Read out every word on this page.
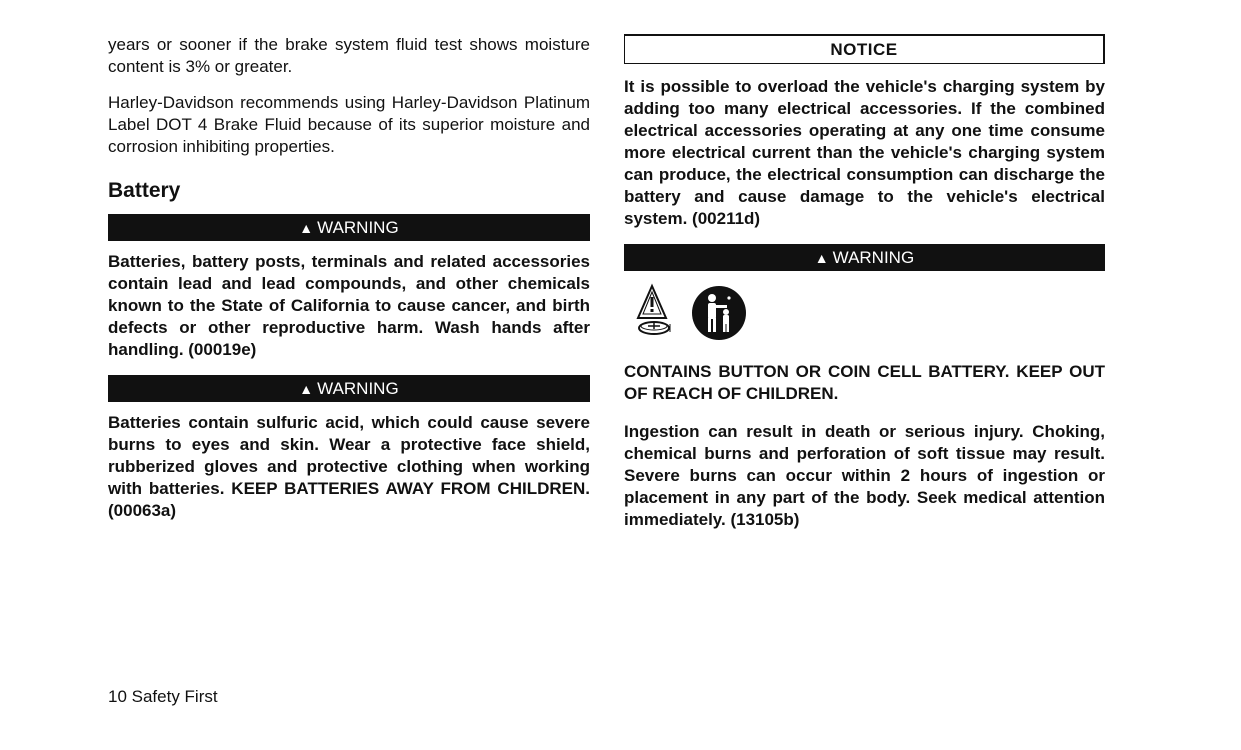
years or sooner if the brake system fluid test shows moisture content is 3% or greater.

Harley-Davidson recommends using Harley-Davidson Platinum Label DOT 4 Brake Fluid because of its superior moisture and corrosion inhibiting properties.

Battery
▲ WARNING

Batteries, battery posts, terminals and related accessories contain lead and lead compounds, and other chemicals known to the State of California to cause cancer, and birth defects or other reproductive harm. Wash hands after handling. (00019e)

▲ WARNING

Batteries contain sulfuric acid, which could cause severe burns to eyes and skin. Wear a protective face shield, rubberized gloves and protective clothing when working with batteries. KEEP BATTERIES AWAY FROM CHILDREN. (00063a)

NOTICE

It is possible to overload the vehicle's charging system by adding too many electrical accessories. If the combined electrical accessories operating at any one time consume more electrical current than the vehicle's charging system can produce, the electrical consumption can discharge the battery and cause damage to the vehicle's electrical system. (00211d)

▲ WARNING

CONTAINS BUTTON OR COIN CELL BATTERY. KEEP OUT OF REACH OF CHILDREN.

Ingestion can result in death or serious injury. Choking, chemical burns and perforation of soft tissue may result. Severe burns can occur within 2 hours of ingestion or placement in any part of the body. Seek medical attention immediately. (13105b)

10 Safety First
